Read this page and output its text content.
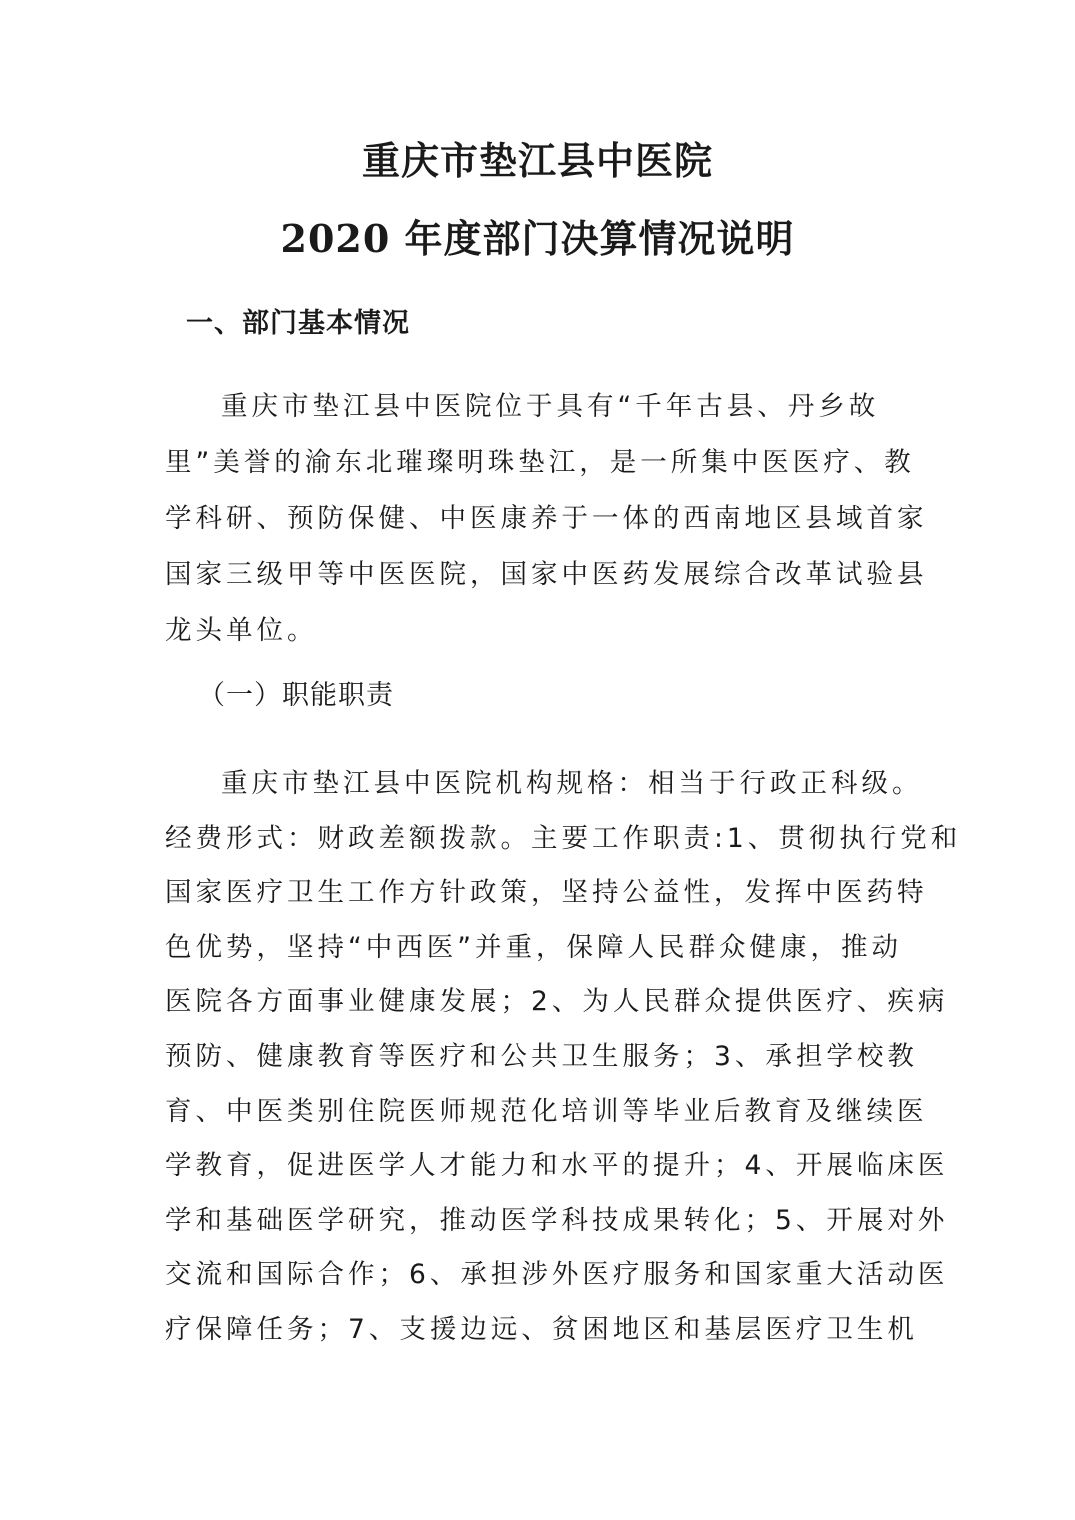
重庆市垫江县中医院
2020 年度部门决算情况说明
一、部门基本情况
重庆市垫江县中医院位于具有“千年古县、丹乡故
里”美誉的渝东北璀璨明珠垫江，是一所集中医医疗、教
学科研、预防保健、中医康养于一体的西南地区县域首家
国家三级甲等中医医院，国家中医药发展综合改革试验县
龙头单位。
（一）职能职责
重庆市垫江县中医院机构规格：相当于行政正科级。
经费形式：财政差额拨款。主要工作职责:1、贯彻执行党和
国家医疗卫生工作方针政策，坚持公益性，发挥中医药特
色优势，坚持“中西医”并重，保障人民群众健康，推动
医院各方面事业健康发展；2、为人民群众提供医疗、疾病
预防、健康教育等医疗和公共卫生服务；3、承担学校教
育、中医类别住院医师规范化培训等毕业后教育及继续医
学教育，促进医学人才能力和水平的提升；4、开展临床医
学和基础医学研究，推动医学科技成果转化；5、开展对外
交流和国际合作；6、承担涉外医疗服务和国家重大活动医
疗保障任务；7、支援边远、贫困地区和基层医疗卫生机
